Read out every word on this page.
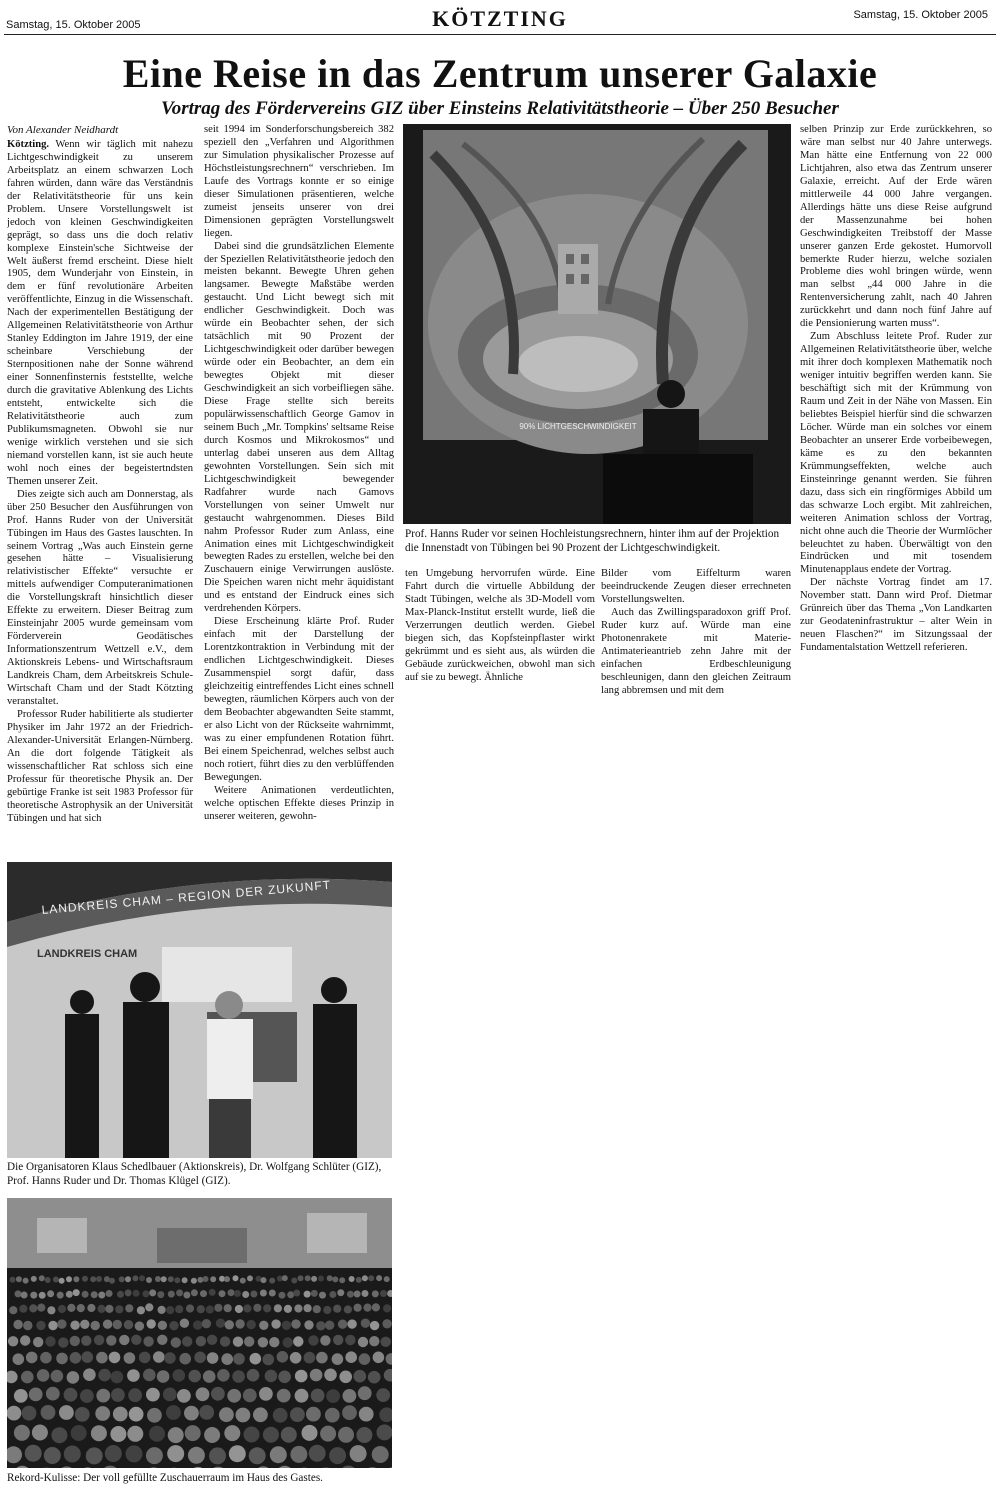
Samstag, 15. Oktober 2005	KÖTZTING	Samstag, 15. Oktober 2005
Eine Reise in das Zentrum unserer Galaxie
Vortrag des Fördervereins GIZ über Einsteins Relativitätstheorie – Über 250 Besucher

Von Alexander Neidhardt

Kötzting. Wenn wir täglich mit nahezu Lichtgeschwindigkeit zu unserem Arbeitsplatz an einem schwarzen Loch fahren würden, dann wäre das Verständnis der Relativitätstheorie für uns kein Problem. Unsere Vorstellungswelt ist jedoch von kleinen Geschwindigkeiten geprägt, so dass uns die doch relativ komplexe Einstein'sche Sichtweise der Welt äußerst fremd erscheint. Diese hielt 1905, dem Wunderjahr von Einstein, in dem er fünf revolutionäre Arbeiten veröffentlichte, Einzug in die Wissenschaft. Nach der experimentellen Bestätigung der Allgemeinen Relativitätstheorie von Arthur Stanley Eddington im Jahre 1919, der eine scheinbare Verschiebung der Sternpositionen nahe der Sonne während einer Sonnenfinsternis feststellte, welche durch die gravitative Ablenkung des Lichts entsteht, entwickelte sich die Relativitätstheorie auch zum Publikumsmagneten. Obwohl sie nur wenige wirklich verstehen und sie sich niemand vorstellen kann, ist sie auch heute wohl noch eines der begeistertndsten Themen unserer Zeit.

Dies zeigte sich auch am Donnerstag, als über 250 Besucher den Ausführungen von Prof. Hanns Ruder von der Universität Tübingen im Haus des Gastes lauschten. In seinem Vortrag „Was auch Einstein gerne gesehen hätte – Visualisierung relativistischer Effekte“ versuchte er mittels aufwendiger Computeranimationen die Vorstellungskraft hinsichtlich dieser Effekte zu erweitern. Dieser Beitrag zum Einsteinjahr 2005 wurde gemeinsam vom Förderverein Geodätisches Informationszentrum Wettzell e.V., dem Aktionskreis Lebens- und Wirtschaftsraum Landkreis Cham, dem Arbeitskreis Schule-Wirtschaft Cham und der Stadt Kötzting veranstaltet.

Professor Ruder habilitierte als studierter Physiker im Jahr 1972 an der Friedrich-Alexander-Universität Erlangen-Nürnberg. An die dort folgende Tätigkeit als wissenschaftlicher Rat schloss sich eine Professur für theoretische Physik an. Der gebürtige Franke ist seit 1983 Professor für theoretische Astrophysik an der Universität Tübingen und hat sich

seit 1994 im Sonderforschungsbereich 382 speziell den „Verfahren und Algorithmen zur Simulation physikalischer Prozesse auf Höchstleistungsrechnern“ verschrieben. Im Laufe des Vortrags konnte er so einige dieser Simulationen präsentieren, welche zumeist jenseits unserer von drei Dimensionen geprägten Vorstellungswelt liegen.

Dabei sind die grundsätzlichen Elemente der Speziellen Relativitätstheorie jedoch den meisten bekannt. Bewegte Uhren gehen langsamer. Bewegte Maßstäbe werden gestaucht. Und Licht bewegt sich mit endlicher Geschwindigkeit. Doch was würde ein Beobachter sehen, der sich tatsächlich mit 90 Prozent der Lichtgeschwindigkeit oder darüber bewegen würde oder ein Beobachter, an dem ein bewegtes Objekt mit dieser Geschwindigkeit an sich vorbeifliegen sähe. Diese Frage stellte sich bereits populärwissenschaftlich George Gamov in seinem Buch „Mr. Tompkins' seltsame Reise durch Kosmos und Mikrokosmos“ und unterlag dabei unseren aus dem Alltag gewohnten Vorstellungen. Sein sich mit Lichtgeschwindigkeit bewegender Radfahrer wurde nach Gamovs Vorstellungen von seiner Umwelt nur gestaucht wahrgenommen. Dieses Bild nahm Professor Ruder zum Anlass, eine Animation eines mit Lichtgeschwindigkeit bewegten Rades zu erstellen, welche bei den Zuschauern einige Verwirrungen auslöste. Die Speichen waren nicht mehr äquidistant und es entstand der Eindruck eines sich verdrehenden Körpers.

Diese Erscheinung klärte Prof. Ruder einfach mit der Darstellung der Lorentzkontraktion in Verbindung mit der endlichen Lichtgeschwindigkeit. Dieses Zusammenspiel sorgt dafür, dass gleichzeitig eintreffendes Licht eines schnell bewegten, räumlichen Körpers auch von der dem Beobachter abgewandten Seite stammt, er also Licht von der Rückseite wahrnimmt, was zu einer empfundenen Rotation führt. Bei einem Speichenrad, welches selbst auch noch rotiert, führt dies zu den verblüffenden Bewegungen.

Weitere Animationen verdeutlichten, welche optischen Effekte dieses Prinzip in unserer weiteren, gewohn-

90% LICHTGESCHWINDIGKEIT
Prof. Hanns Ruder vor seinen Hochleistungsrechnern, hinter ihm auf der Projektion die Innenstadt von Tübingen bei 90 Prozent der Lichtgeschwindigkeit.

ten Umgebung hervorrufen würde. Eine Fahrt durch die virtuelle Abbildung der Stadt Tübingen, welche als 3D-Modell vom Max-Planck-Institut erstellt wurde, ließ die Verzerrungen deutlich werden. Giebel biegen sich, das Kopfsteinpflaster wirkt gekrümmt und es sieht aus, als würden die Gebäude zurückweichen, obwohl man sich auf sie zu bewegt. Ähnliche

Bilder vom Eiffelturm waren beeindruckende Zeugen dieser errechneten Vorstellungswelten.

Auch das Zwillingsparadoxon griff Prof. Ruder kurz auf. Würde man eine Photonenrakete mit Materie-Antimaterieantrieb zehn Jahre mit der einfachen Erdbeschleunigung beschleunigen, dann den gleichen Zeitraum lang abbremsen und mit dem

selben Prinzip zur Erde zurückkehren, so wäre man selbst nur 40 Jahre unterwegs. Man hätte eine Entfernung von 22 000 Lichtjahren, also etwa das Zentrum unserer Galaxie, erreicht. Auf der Erde wären mittlerweile 44 000 Jahre vergangen. Allerdings hätte uns diese Reise aufgrund der Massenzunahme bei hohen Geschwindigkeiten Treibstoff der Masse unserer ganzen Erde gekostet. Humorvoll bemerkte Ruder hierzu, welche sozialen Probleme dies wohl bringen würde, wenn man selbst „44 000 Jahre in die Rentenversicherung zahlt, nach 40 Jahren zurückkehrt und dann noch fünf Jahre auf die Pensionierung warten muss“.

Zum Abschluss leitete Prof. Ruder zur Allgemeinen Relativitätstheorie über, welche mit ihrer doch komplexen Mathematik noch weniger intuitiv begriffen werden kann. Sie beschäftigt sich mit der Krümmung von Raum und Zeit in der Nähe von Massen. Ein beliebtes Beispiel hierfür sind die schwarzen Löcher. Würde man ein solches vor einem Beobachter an unserer Erde vorbeibewegen, käme es zu den bekannten Krümmungseffekten, welche auch Einsteinringe genannt werden. Sie führen dazu, dass sich ein ringförmiges Abbild um das schwarze Loch ergibt. Mit zahlreichen, weiteren Animation schloss der Vortrag, nicht ohne auch die Theorie der Wurmlöcher beleuchtet zu haben. Überwältigt von den Eindrücken und mit tosendem Minutenapplaus endete der Vortrag.

Der nächste Vortrag findet am 17. November statt. Dann wird Prof. Dietmar Grünreich über das Thema „Von Landkarten zur Geodateninfrastruktur – alter Wein in neuen Flaschen?“ im Sitzungssaal der Fundamentalstation Wettzell referieren.

LANDKREIS CHAM – REGION DER ZUKUNFT
LANDKREIS CHAM
Die Organisatoren Klaus Schedlbauer (Aktionskreis), Dr. Wolfgang Schlüter (GIZ), Prof. Hanns Ruder und Dr. Thomas Klügel (GIZ).
Rekord-Kulisse: Der voll gefüllte Zuschauerraum im Haus des Gastes.
